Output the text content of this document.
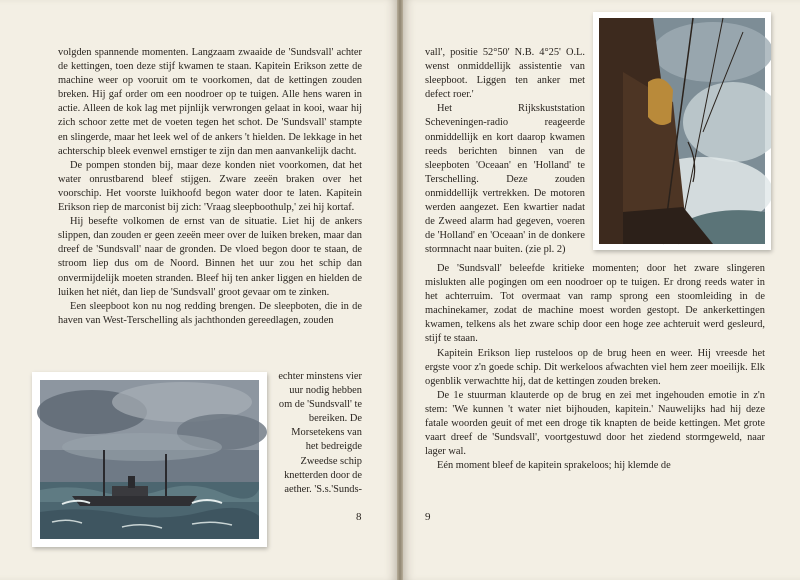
volgden spannende momenten. Langzaam zwaaide de 'Sundsvall' achter de kettingen, toen deze stijf kwamen te staan. Kapitein Erikson zette de machine weer op vooruit om te voorkomen, dat de kettingen zouden breken. Hij gaf order om een noodroer op te tuigen. Alle hens waren in actie. Alleen de kok lag met pijnlijk verwrongen gelaat in kooi, waar hij zich schoor zette met de voeten tegen het schot. De 'Sundsvall' stampte en slingerde, maar het leek wel of de ankers 't hielden. De lekkage in het achterschip bleek evenwel ernstiger te zijn dan men aanvankelijk dacht.

De pompen stonden bij, maar deze konden niet voorkomen, dat het water onrustbarend bleef stijgen. Zware zeeën braken over het voorschip. Het voorste luikhoofd begon water door te laten. Kapitein Erikson riep de marconist bij zich: 'Vraag sleepboothulp,' zei hij kortaf.

Hij besefte volkomen de ernst van de situatie. Liet hij de ankers slippen, dan zouden er geen zeeën meer over de luiken breken, maar dan dreef de 'Sundsvall' naar de gronden. De vloed begon door te staan, de stroom liep dus om de Noord. Binnen het uur zou het schip dan onvermijdelijk moeten stranden. Bleef hij ten anker liggen en hielden de luiken het niét, dan liep de 'Sundsvall' groot gevaar om te zinken.

Een sleepboot kon nu nog redding brengen. De sleepboten, die in de haven van West-Terschelling als jachthonden gereedlagen, zouden

echter minstens vier uur nodig hebben om de 'Sundsvall' te bereiken. De Morsetekens van het bedreigde Zweedse schip knetterden door de aether. 'S.s.'Sunds-

8

vall', positie 52°50' N.B. 4°25' O.L. wenst onmiddellijk assistentie van sleepboot. Liggen ten anker met defect roer.'

Het Rijkskuststation Scheveningen-radio reageerde onmiddellijk en kort daarop kwamen reeds berichten binnen van de sleepboten 'Oceaan' en 'Holland' te Terschelling. Deze zouden onmiddellijk vertrekken. De motoren werden aangezet. Een kwartier nadat de Zweed alarm had gegeven, voeren de 'Holland' en 'Oceaan' in de donkere stormnacht naar buiten. (zie pl. 2)

De 'Sundsvall' beleefde kritieke momenten; door het zware slingeren mislukten alle pogingen om een noodroer op te tuigen. Er drong reeds water in het achterruim. Tot overmaat van ramp sprong een stoomleiding in de machinekamer, zodat de machine moest worden gestopt. De ankerkettingen kwamen, telkens als het zware schip door een hoge zee achteruit werd gesleurd, stijf te staan.

Kapitein Erikson liep rusteloos op de brug heen en weer. Hij vreesde het ergste voor z'n goede schip. Dit werkeloos afwachten viel hem zeer moeilijk. Elk ogenblik verwachtte hij, dat de kettingen zouden breken.

De 1e stuurman klauterde op de brug en zei met ingehouden emotie in z'n stem: 'We kunnen 't water niet bijhouden, kapitein.' Nauwelijks had hij deze fatale woorden geuit of met een droge tik knapten de beide kettingen. Met grote vaart dreef de 'Sundsvall', voortgestuwd door het ziedend stormgeweld, naar lager wal.

Eén moment bleef de kapitein sprakeloos; hij klemde de

9
